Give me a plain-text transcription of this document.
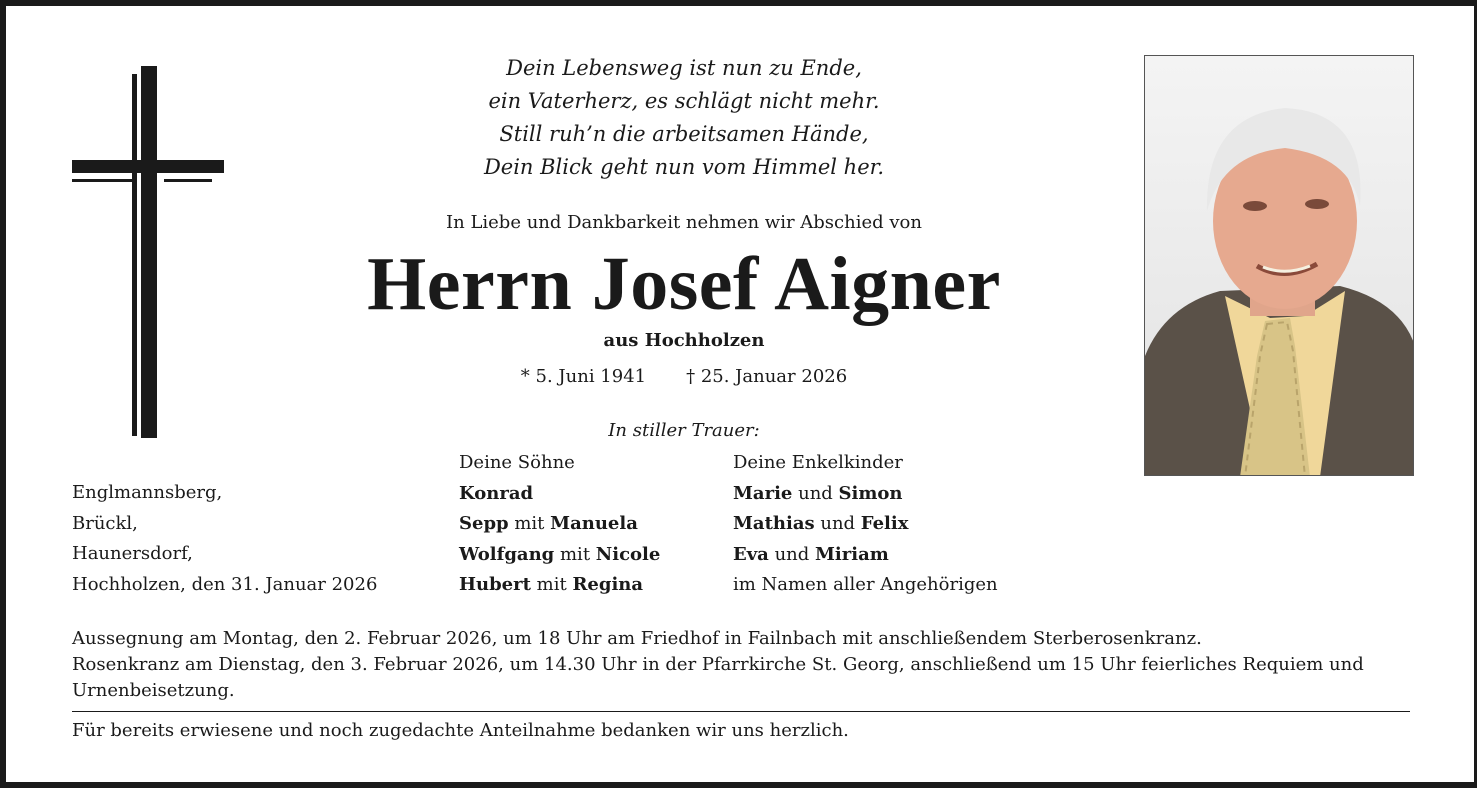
Dein Lebensweg ist nun zu Ende,
ein Vaterherz, es schlägt nicht mehr.
Still ruh’n die arbeitsamen Hände,
Dein Blick geht nun vom Himmel her.
In Liebe und Dankbarkeit nehmen wir Abschied von
Herrn Josef Aigner
aus Hochholzen
* 5. Juni 1941 † 25. Januar 2026
In stiller Trauer:
Englmannsberg,
Brückl,
Haunersdorf,
Hochholzen, den 31. Januar 2026
Deine Söhne
Konrad
Sepp mit Manuela
Wolfgang mit Nicole
Hubert mit Regina
Deine Enkelkinder
Marie und Simon
Mathias und Felix
Eva und Miriam
im Namen aller Angehörigen

Aussegnung am Montag, den 2. Februar 2026, um 18 Uhr am Friedhof in Failnbach mit anschließendem Sterberosenkranz.

Rosenkranz am Dienstag, den 3. Februar 2026, um 14.30 Uhr in der Pfarrkirche St. Georg, anschließend um 15 Uhr feierliches Requiem und Urnenbeisetzung.

Für bereits erwiesene und noch zugedachte Anteilnahme bedanken wir uns herzlich.
